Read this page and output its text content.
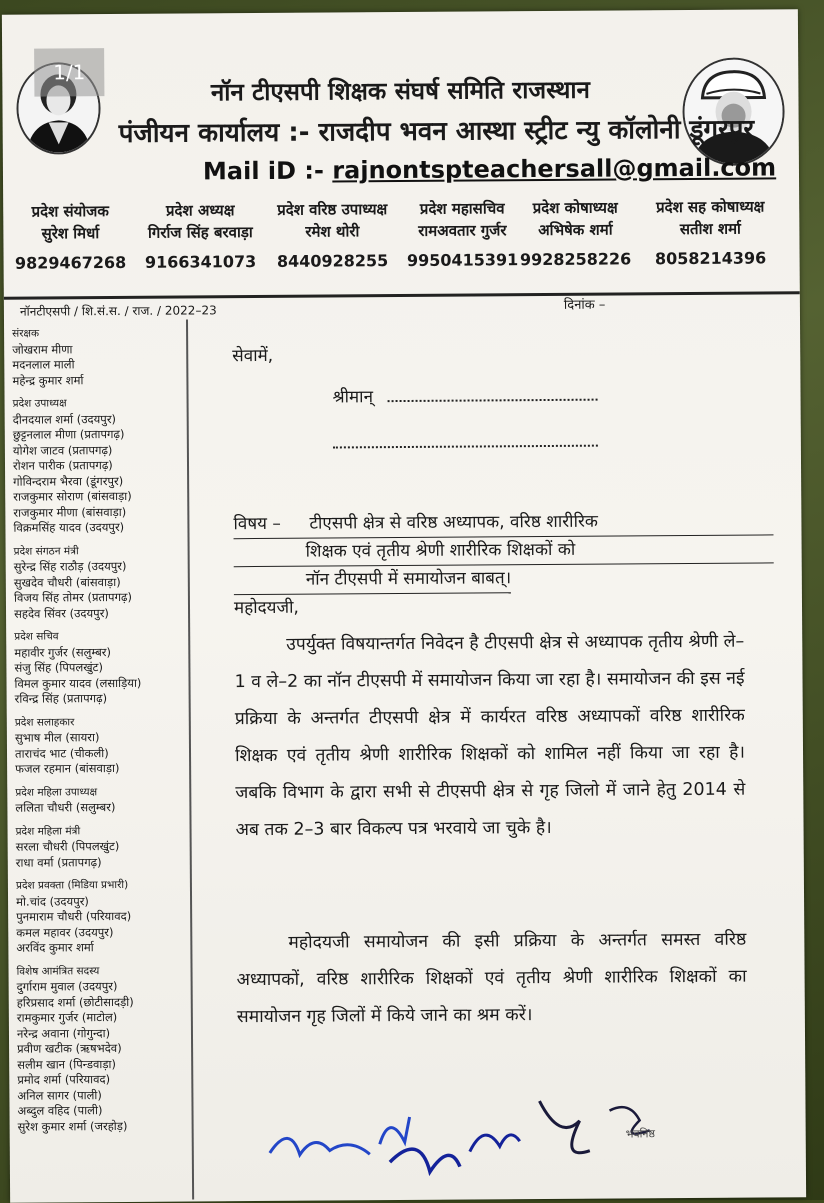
1/1
नॉन टीएसपी शिक्षक संघर्ष समिति राजस्थान
पंजीयन कार्यालय :- राजदीप भवन आस्था स्ट्रीट न्यु कॉलोनी डूंगरपुर
Mail iD :- rajnontspteachersall@gmail.com
प्रदेश संयोजक
सुरेश मिर्धा
9829467268
प्रदेश अध्यक्ष
गिर्राज सिंह बरवाड़ा
9166341073
प्रदेश वरिष्ठ उपाध्यक्ष
रमेश थोरी
8440928255
प्रदेश महासचिव
रामअवतार गुर्जर
9950415391
प्रदेश कोषाध्यक्ष
अभिषेक शर्मा
9928258226
प्रदेश सह कोषाध्यक्ष
सतीश शर्मा
8058214396
नॉनटीएसपी / शि.सं.स. / राज. / 2022–23	दिनांक –
संरक्षक
जोखराम मीणा
मदनलाल माली
महेन्द्र कुमार शर्मा
प्रदेश उपाध्यक्ष
दीनदयाल शर्मा (उदयपुर)
छुट्टनलाल मीणा (प्रतापगढ़)
योगेश जाटव (प्रतापगढ़)
रोशन पारीक (प्रतापगढ़)
गोविन्दराम भैरवा (डूंगरपुर)
राजकुमार सोराण (बांसवाड़ा)
राजकुमार मीणा (बांसवाड़ा)
विक्रमसिंह यादव (उदयपुर)
प्रदेश संगठन मंत्री
सुरेन्द्र सिंह राठौड़ (उदयपुर)
सुखदेव चौधरी (बांसवाड़ा)
विजय सिंह तोमर (प्रतापगढ़)
सहदेव सिंवर (उदयपुर)
प्रदेश सचिव
महावीर गुर्जर (सलुम्बर)
संजु सिंह (पिपलखुंट)
विमल कुमार यादव (लसाड़िया)
रविन्द्र सिंह (प्रतापगढ़)
प्रदेश सलाहकार
सुभाष मील (सायरा)
ताराचंद भाट (चीकली)
फजल रहमान (बांसवाड़ा)
प्रदेश महिला उपाध्यक्ष
ललिता चौधरी (सलुम्बर)
प्रदेश महिला मंत्री
सरला चौधरी (पिपलखुंट)
राधा वर्मा (प्रतापगढ़)
प्रदेश प्रवक्ता (मिडिया प्रभारी)
मो.चांद (उदयपुर)
पुनमाराम चौधरी (परियावद)
कमल महावर (उदयपुर)
अरविंद कुमार शर्मा
विशेष आमंत्रित सदस्य
दुर्गाराम मुवाल (उदयपुर)
हरिप्रसाद शर्मा (छोटीसादड़ी)
रामकुमार गुर्जर (माटोल)
नरेन्द्र अवाना (गोगुन्दा)
प्रवीण खटीक (ऋषभदेव)
सलीम खान (पिन्डवाड़ा)
प्रमोद शर्मा (परियावद)
अनिल सागर (पाली)
अब्दुल वहिद (पाली)
सुरेश कुमार शर्मा (जरहोड़)
सेवामें,
श्रीमान्
विषय – टीएसपी क्षेत्र से वरिष्ठ अध्यापक, वरिष्ठ शारीरिक
शिक्षक एवं तृतीय श्रेणी शारीरिक शिक्षकों को
नॉन टीएसपी में समायोजन बाबत्।
महोदयजी,
उपर्युक्त विषयान्तर्गत निवेदन है टीएसपी क्षेत्र से अध्यापक तृतीय श्रेणी ले–1 व ले–2 का नॉन टीएसपी में समायोजन किया जा रहा है। समायोजन की इस नई प्रक्रिया के अन्तर्गत टीएसपी क्षेत्र में कार्यरत वरिष्ठ अध्यापकों वरिष्ठ शारीरिक शिक्षक एवं तृतीय श्रेणी शारीरिक शिक्षकों को शामिल नहीं किया जा रहा है। जबकि विभाग के द्वारा सभी से टीएसपी क्षेत्र से गृह जिलो में जाने हेतु 2014 से अब तक 2–3 बार विकल्प पत्र भरवाये जा चुके है।
महोदयजी समायोजन की इसी प्रक्रिया के अन्तर्गत समस्त वरिष्ठ अध्यापकों, वरिष्ठ शारीरिक शिक्षकों एवं तृतीय श्रेणी शारीरिक शिक्षकों का समायोजन गृह जिलों में किये जाने का श्रम करें।
भवनिष्ठ
